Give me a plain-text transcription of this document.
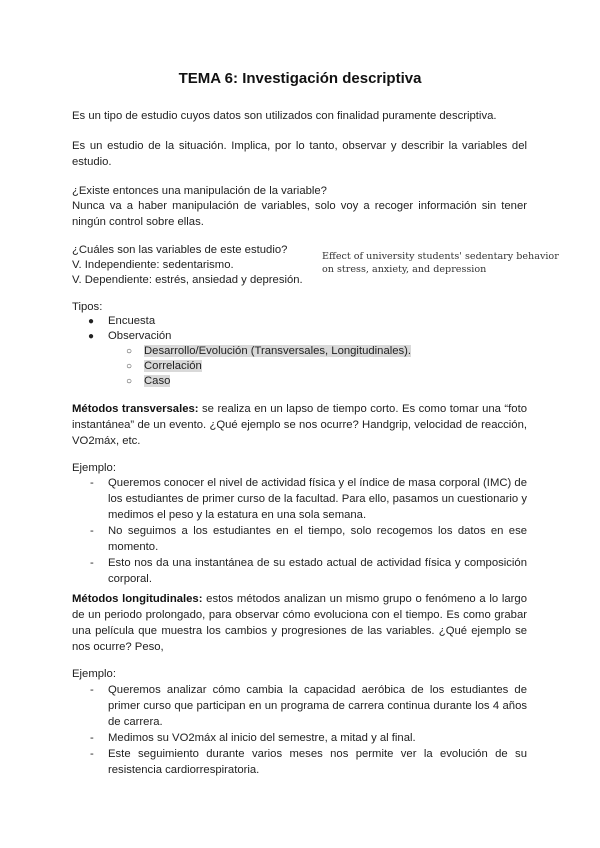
TEMA 6: Investigación descriptiva

Es un tipo de estudio cuyos datos son utilizados con finalidad puramente descriptiva.

Es un estudio de la situación. Implica, por lo tanto, observar y describir la variables del estudio.

¿Existe entonces una manipulación de la variable?

Nunca va a haber manipulación de variables, solo voy a recoger información sin tener ningún control sobre ellas.

¿Cuáles son las variables de este estudio?
V. Independiente: sedentarismo.
V. Dependiente: estrés, ansiedad y depresión.
Effect of university students' sedentary behavior on stress, anxiety, and depression
Tipos:
● Encuesta
● Observación
○ Desarrollo/Evolución (Transversales, Longitudinales).
○ Correlación
○ Caso

Métodos transversales: se realiza en un lapso de tiempo corto. Es como tomar una “foto instantánea” de un evento. ¿Qué ejemplo se nos ocurre? Handgrip, velocidad de reacción, VO2máx, etc.

Ejemplo:
- Queremos conocer el nivel de actividad física y el índice de masa corporal (IMC) de los estudiantes de primer curso de la facultad. Para ello, pasamos un cuestionario y medimos el peso y la estatura en una sola semana.
- No seguimos a los estudiantes en el tiempo, solo recogemos los datos en ese momento.
- Esto nos da una instantánea de su estado actual de actividad física y composición corporal.

Métodos longitudinales: estos métodos analizan un mismo grupo o fenómeno a lo largo de un periodo prolongado, para observar cómo evoluciona con el tiempo. Es como grabar una película que muestra los cambios y progresiones de las variables. ¿Qué ejemplo se nos ocurre? Peso,

Ejemplo:
- Queremos analizar cómo cambia la capacidad aeróbica de los estudiantes de primer curso que participan en un programa de carrera continua durante los 4 años de carrera.
- Medimos su VO2máx al inicio del semestre, a mitad y al final.
- Este seguimiento durante varios meses nos permite ver la evolución de su resistencia cardiorrespiratoria.
